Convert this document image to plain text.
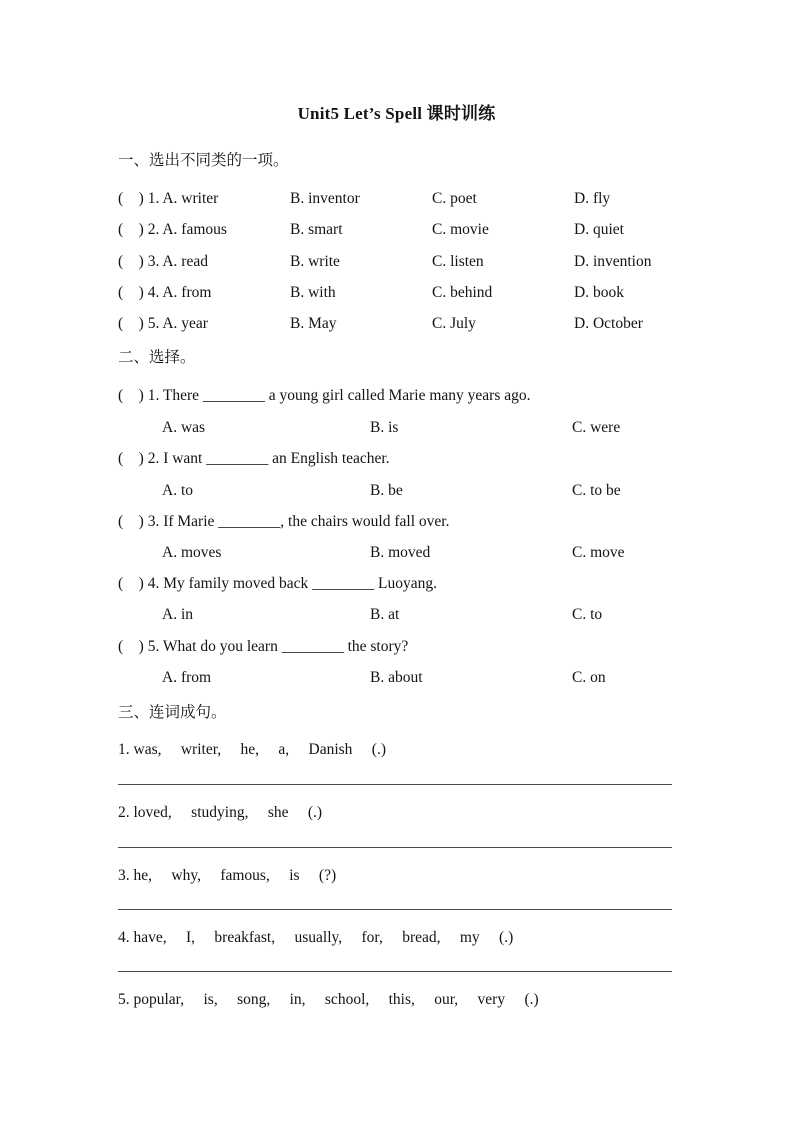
Unit5 Let’s Spell 课时训练
一、选出不同类的一项。
(    ) 1. A. writer	B. inventor	C. poet	D. fly
(    ) 2. A. famous	B. smart	C. movie	D. quiet
(    ) 3. A. read	B. write	C. listen	D. invention
(    ) 4. A. from	B. with	C. behind	D. book
(    ) 5. A. year	B. May	C. July	D. October
二、选择。
(    ) 1. There ________ a young girl called Marie many years ago.
A. was	B. is	C. were
(    ) 2. I want ________ an English teacher.
A. to	B. be	C. to be
(    ) 3. If Marie ________, the chairs would fall over.
A. moves	B. moved	C. move
(    ) 4. My family moved back ________ Luoyang.
A. in	B. at	C. to
(    ) 5. What do you learn ________ the story?
A. from	B. about	C. on
三、连词成句。
1. was,     writer,     he,     a,     Danish     (.)
2. loved,     studying,     she     (.)
3. he,     why,     famous,     is     (?)
4. have,     I,     breakfast,     usually,     for,     bread,     my     (.)
5. popular,     is,     song,     in,     school,     this,     our,     very     (.)
